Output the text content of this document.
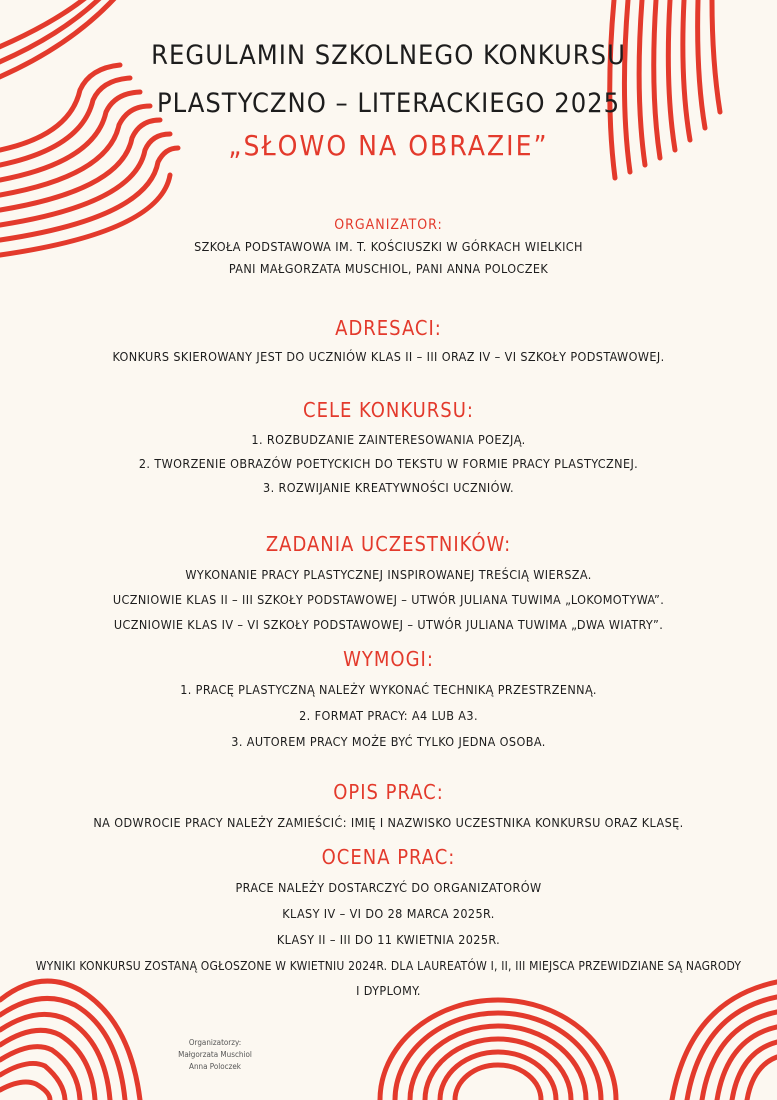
REGULAMIN SZKOLNEGO KONKURSU
PLASTYCZNO – LITERACKIEGO 2025
„SŁOWO NA OBRAZIE”
ORGANIZATOR:
SZKOŁA PODSTAWOWA IM. T. KOŚCIUSZKI W GÓRKACH WIELKICH
PANI MAŁGORZATA MUSCHIOL, PANI ANNA POLOCZEK
ADRESACI:
KONKURS SKIEROWANY JEST DO UCZNIÓW KLAS II – III ORAZ IV – VI SZKOŁY PODSTAWOWEJ.
CELE KONKURSU:
1. ROZBUDZANIE ZAINTERESOWANIA POEZJĄ.
2. TWORZENIE OBRAZÓW POETYCKICH DO TEKSTU W FORMIE PRACY PLASTYCZNEJ.
3. ROZWIJANIE KREATYWNOŚCI UCZNIÓW.
ZADANIA UCZESTNIKÓW:
WYKONANIE PRACY PLASTYCZNEJ INSPIROWANEJ TREŚCIĄ WIERSZA.
UCZNIOWIE KLAS II – III SZKOŁY PODSTAWOWEJ – UTWÓR JULIANA TUWIMA „LOKOMOTYWA”.
UCZNIOWIE KLAS IV – VI SZKOŁY PODSTAWOWEJ – UTWÓR JULIANA TUWIMA „DWA WIATRY”.
WYMOGI:
1. PRACĘ PLASTYCZNĄ NALEŻY WYKONAĆ TECHNIKĄ PRZESTRZENNĄ.
2. FORMAT PRACY: A4 LUB A3.
3. AUTOREM PRACY MOŻE BYĆ TYLKO JEDNA OSOBA.
OPIS PRAC:
NA ODWROCIE PRACY NALEŻY ZAMIEŚCIĆ: IMIĘ I NAZWISKO UCZESTNIKA KONKURSU ORAZ KLASĘ.
OCENA PRAC:
PRACE NALEŻY DOSTARCZYĆ DO ORGANIZATORÓW
KLASY IV – VI DO 28 MARCA 2025R.
KLASY II – III DO 11 KWIETNIA 2025R.
WYNIKI KONKURSU ZOSTANĄ OGŁOSZONE W KWIETNIU 2024R. DLA LAUREATÓW I, II, III MIEJSCA PRZEWIDZIANE SĄ NAGRODY
I DYPLOMY.
Organizatorzy:
Małgorzata Muschiol
Anna Poloczek
